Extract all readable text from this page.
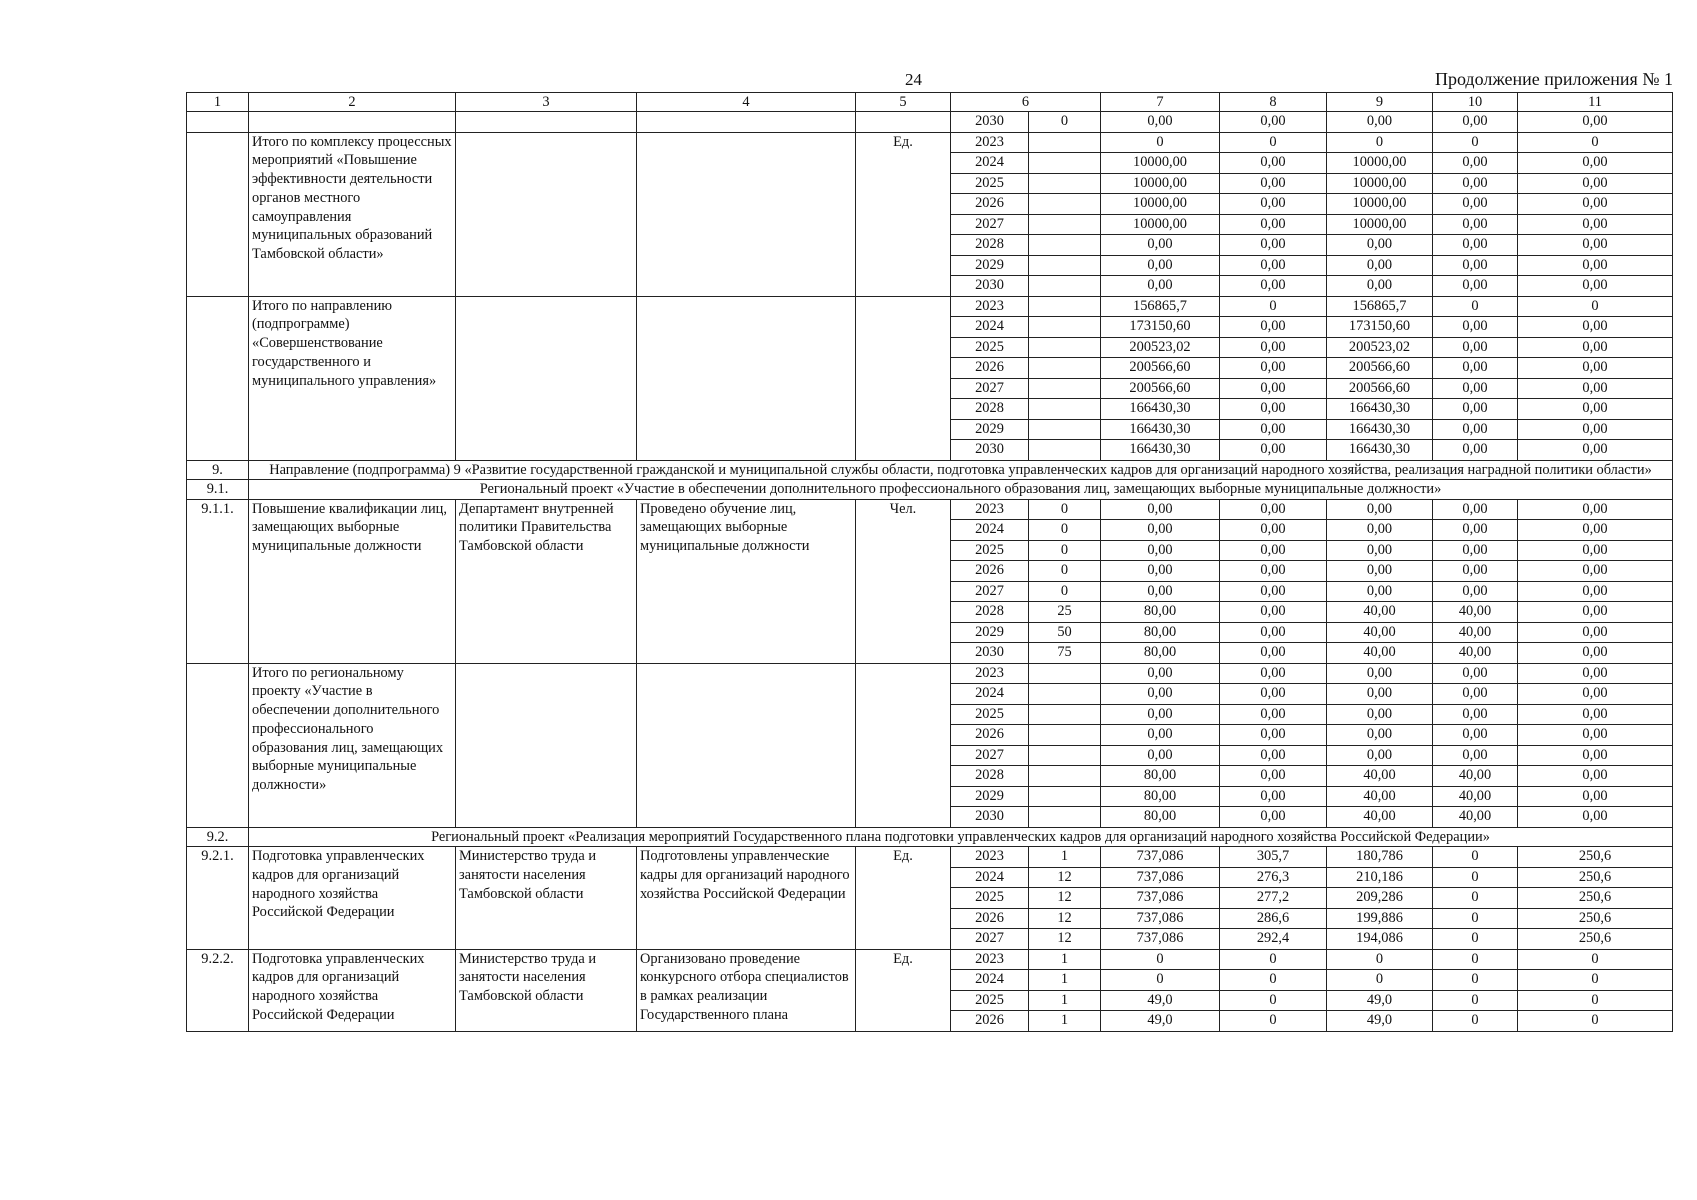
24	Продолжение приложения № 1
1	2	3	4	5	6		7	8	9	10	11
					2030	0	0,00	0,00	0,00	0,00	0,00
	Итого по комплексу процессных мероприятий «Повышение эффективности деятельности органов местного самоуправления муниципальных образований Тамбовской области»			Ед.	2023		0	0	0	0	0
					2024		10000,00	0,00	10000,00	0,00	0,00
					2025		10000,00	0,00	10000,00	0,00	0,00
					2026		10000,00	0,00	10000,00	0,00	0,00
					2027		10000,00	0,00	10000,00	0,00	0,00
					2028		0,00	0,00	0,00	0,00	0,00
					2029		0,00	0,00	0,00	0,00	0,00
					2030		0,00	0,00	0,00	0,00	0,00
	Итого по направлению (подпрограмме) «Совершенствование государственного и муниципального управления»				2023		156865,7	0	156865,7	0	0
					2024		173150,60	0,00	173150,60	0,00	0,00
					2025		200523,02	0,00	200523,02	0,00	0,00
					2026		200566,60	0,00	200566,60	0,00	0,00
					2027		200566,60	0,00	200566,60	0,00	0,00
					2028		166430,30	0,00	166430,30	0,00	0,00
					2029		166430,30	0,00	166430,30	0,00	0,00
					2030		166430,30	0,00	166430,30	0,00	0,00
9.	Направление (подпрограмма) 9 «Развитие государственной гражданской и муниципальной службы области, подготовка управленческих кадров для организаций народного хозяйства, реализация наградной политики области»										
9.1.	Региональный проект «Участие в обеспечении дополнительного профессионального образования лиц, замещающих выборные муниципальные должности»										
9.1.1.	Повышение квалификации лиц, замещающих выборные муниципальные должности	Департамент внутренней политики Правительства Тамбовской области	Проведено обучение лиц, замещающих выборные муниципальные должности	Чел.	2023	0	0,00	0,00	0,00	0,00	0,00
					2024	0	0,00	0,00	0,00	0,00	0,00
					2025	0	0,00	0,00	0,00	0,00	0,00
					2026	0	0,00	0,00	0,00	0,00	0,00
					2027	0	0,00	0,00	0,00	0,00	0,00
					2028	25	80,00	0,00	40,00	40,00	0,00
					2029	50	80,00	0,00	40,00	40,00	0,00
					2030	75	80,00	0,00	40,00	40,00	0,00
	Итого по региональному проекту «Участие в обеспечении дополнительного профессионального образования лиц, замещающих выборные муниципальные должности»				2023		0,00	0,00	0,00	0,00	0,00
					2024		0,00	0,00	0,00	0,00	0,00
					2025		0,00	0,00	0,00	0,00	0,00
					2026		0,00	0,00	0,00	0,00	0,00
					2027		0,00	0,00	0,00	0,00	0,00
					2028		80,00	0,00	40,00	40,00	0,00
					2029		80,00	0,00	40,00	40,00	0,00
					2030		80,00	0,00	40,00	40,00	0,00
9.2.	Региональный проект «Реализация мероприятий Государственного плана подготовки управленческих кадров для организаций народного хозяйства Российской Федерации»										
9.2.1.	Подготовка управленческих кадров для организаций народного хозяйства Российской Федерации	Министерство труда и занятости населения Тамбовской области	Подготовлены управленческие кадры для организаций народного хозяйства Российской Федерации	Ед.	2023	1	737,086	305,7	180,786	0	250,6
					2024	12	737,086	276,3	210,186	0	250,6
					2025	12	737,086	277,2	209,286	0	250,6
					2026	12	737,086	286,6	199,886	0	250,6
					2027	12	737,086	292,4	194,086	0	250,6
9.2.2.	Подготовка управленческих кадров для организаций народного хозяйства Российской Федерации	Министерство труда и занятости населения Тамбовской области	Организовано проведение конкурсного отбора специалистов в рамках реализации Государственного плана	Ед.	2023	1	0	0	0	0	0
					2024	1	0	0	0	0	0
					2025	1	49,0	0	49,0	0	0
					2026	1	49,0	0	49,0	0	0
